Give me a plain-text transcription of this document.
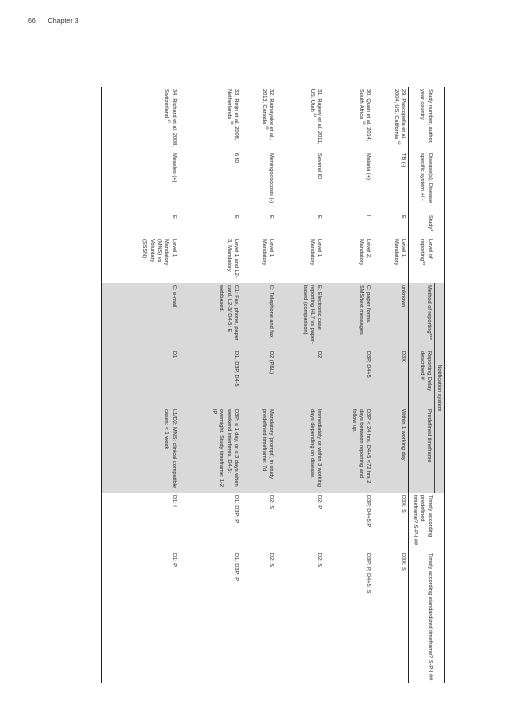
66 Chapter 3
				Notification system				
Study number, author, year country	Disease(s), Disease specific system +/ -	Study*	Level of reporting**	Method of reporting***	Reporting Delay described #	Predefined timeframe	Timely according predefined timeframe? S-P-I ##	Timely according standardized timeframe? S-P-I ##
29. Pascopella et al. 2004, US, California $^{42}$	TB (-)	E	Level 1 Mandatory	unknown	D3X	Within 1 working day	D3X: S	D3X: S
30. Quan et al. 2014, South Africa $^{43}$	Malaria (+)	I	Level 2, Mandatory	C: paper forms. SMS/text messages	D3P, D4+5	D3P < 24 hrs. D4+5 <72 hrs 2 days between reporting and follow up.	D3P, D4+5:P	D3P: P, D4+5: S
31. Rajeev et al. 2011, US, Utah $^{44}$	Several ID	E	Level 1 Mandatory	E: Electronic case reporting HL7 vs paper-based (comparison)	D2	Immediately or within 3 working days depending on disease.	D2: P	D2: S
32. Ratnayake et al., 2013, Canada $^{45}$	Meningococcosis (-)	E	Level 1 Mandatory	C: Telephone and fax	D2 (P&L)	Mandatory 'prompt', in study predefined timeframe: 7d	D2: S	D2: S
33. Reijn et al. 2008, Netherlands $^{46}$	6 ID	E	Level 1 and L2-3, Mandatory	C1: Fax, phone, paper card. L2-3/ D4-5: E webbased.	D1, D3P, D4-5	D3P: ≤ 1 day, or ≤ 3 days when weekend interferes. D4-5: overnight. Study timeframe: 1-2 IP	D1, D3P: P	D1, D3P: P
34. Richard et al. 2008, Switzerland $^{47}$	Measles (+)	E	Level 1 Mandatory (MNS) vs Voluntary (SSSN)	C: e-mail	D1	L1/D2: MNS: clinical compatible cases: < 1 week	D1: I	D1: P
